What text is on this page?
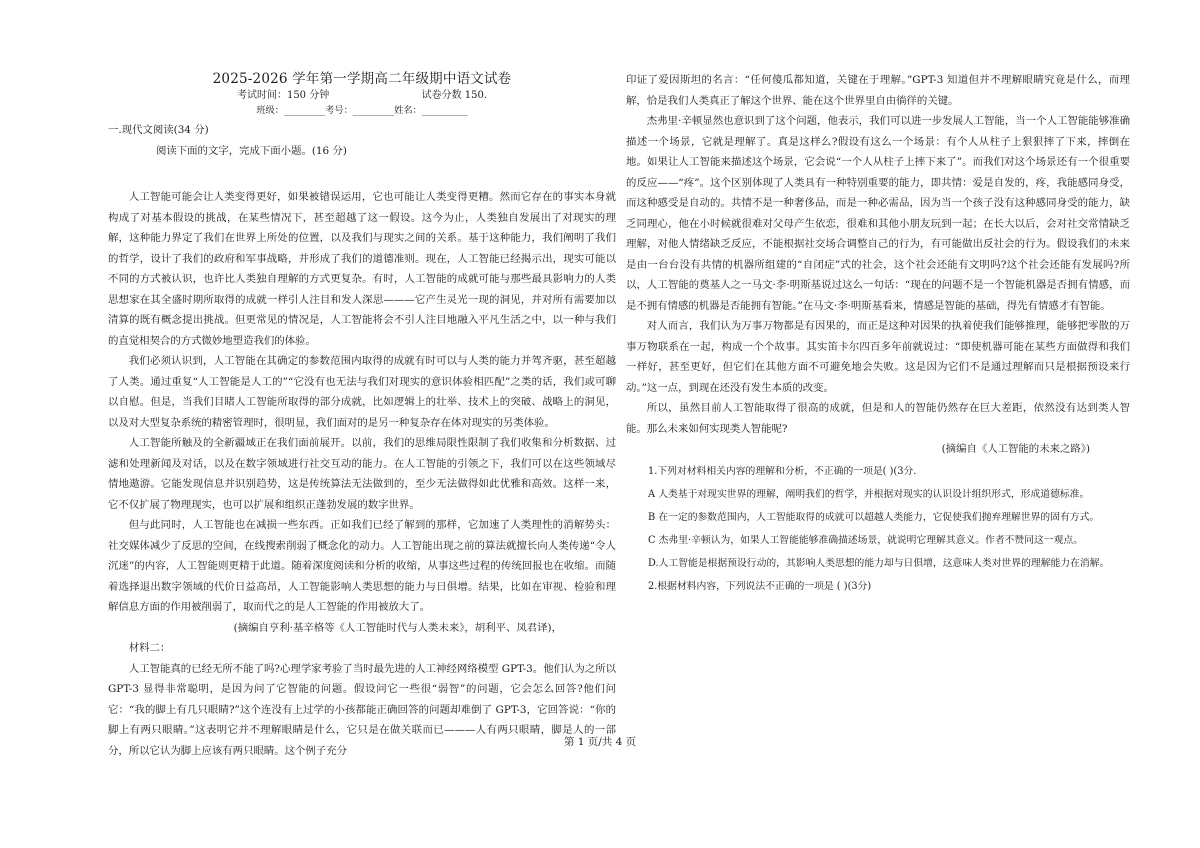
2025-2026 学年第一学期高二年级期中语文试卷
考试时间：150 分钟	试卷分数 150.
班级：_________考号：_________姓名：__________
一.现代文阅读(34 分)
阅读下面的文字，完成下面小题。(16 分)

人工智能可能会让人类变得更好，如果被错误运用，它也可能让人类变得更糟。然而它存在的事实本身就构成了对基本假设的挑战，在某些情况下，甚至超越了这一假设。这今为止，人类独自发展出了对现实的理解，这种能力界定了我们在世界上所处的位置，以及我们与现实之间的关系。基于这种能力，我们阐明了我们的哲学，设计了我们的政府和军事战略，并形成了我们的道德准则。现在，人工智能已经揭示出，现实可能以不同的方式被认识，也许比人类独自理解的方式更复杂。有时，人工智能的成就可能与那些最具影响力的人类思想家在其全盛时期所取得的成就一样引人注目和发人深思———它产生灵光一现的洞见，并对所有需要加以清算的既有概念提出挑战。但更常见的情况是，人工智能将会不引人注目地融入平凡生活之中，以一种与我们的直觉相契合的方式微妙地塑造我们的体验。

我们必须认识到，人工智能在其确定的参数范围内取得的成就有时可以与人类的能力并驾齐驱，甚至超越了人类。通过重复“人工智能是人工的”“它没有也无法与我们对现实的意识体验相匹配”之类的话，我们或可聊以自慰。但是，当我们目睹人工智能所取得的部分成就，比如逻辑上的壮举、技术上的突破、战略上的洞见，以及对大型复杂系统的精密管理时，很明显，我们面对的是另一种复杂存在体对现实的另类体验。

人工智能所触及的全新疆域正在我们面前展开。以前，我们的思维局限性限制了我们收集和分析数据、过滤和处理新闻及对话，以及在数字领域进行社交互动的能力。在人工智能的引领之下，我们可以在这些领域尽情地遨游。它能发现信息并识别趋势，这是传统算法无法做到的，至少无法做得如此优雅和高效。这样一来，它不仅扩展了物理现实，也可以扩展和组织正蓬勃发展的数字世界。

但与此同时，人工智能也在减损一些东西。正如我们已经了解到的那样，它加速了人类理性的消解势头：社交媒体减少了反思的空间，在线搜索削弱了概念化的动力。人工智能出现之前的算法就擅长向人类传递“令人沉迷”的内容，人工智能则更精于此道。随着深度阅读和分析的收缩，从事这些过程的传统回报也在收缩。而随着选择退出数字领域的代价日益高昂，人工智能影响人类思想的能力与日俱增。结果，比如在审视、检验和理解信息方面的作用被削弱了，取而代之的是人工智能的作用被放大了。

(摘编自亨利·基辛格等《人工智能时代与人类未来》，胡利平、凤君译)，

材料二：

人工智能真的已经无所不能了吗?心理学家考验了当时最先进的人工神经网络模型 GPT-3。他们认为之所以 GPT-3 显得非常聪明，是因为问了它智能的问题。假设问它一些很“弱智”的问题，它会怎么回答?他们问它：“我的脚上有几只眼睛?”这个连没有上过学的小孩都能正确回答的问题却难倒了 GPT-3，它回答说：“你的脚上有两只眼睛。”这表明它并不理解眼睛是什么，它只是在做关联而已———人有两只眼睛，脚是人的一部分，所以它认为脚上应该有两只眼睛。这个例子充分

印证了爱因斯坦的名言：“任何傻瓜都知道，关键在于理解。”GPT-3 知道但并不理解眼睛究竟是什么，而理解，恰是我们人类真正了解这个世界、能在这个世界里自由徜徉的关键。

杰弗里·辛顿显然也意识到了这个问题，他表示，我们可以进一步发展人工智能，当一个人工智能能够准确描述一个场景，它就是理解了。真是这样么?假设有这么一个场景：有个人从柱子上狠狠摔了下来，摔倒在地。如果让人工智能来描述这个场景，它会说“一个人从柱子上摔下来了”。而我们对这个场景还有一个很重要的反应——“疼”。这个区别体现了人类具有一种特别重要的能力，即共情：爱是自发的，疼，我能感同身受，而这种感受是自动的。共情不是一种奢侈品，而是一种必需品，因为当一个孩子没有这种感同身受的能力，缺乏同理心，他在小时候就很难对父母产生依恋，很难和其他小朋友玩到一起；在长大以后，会对社交常情缺乏理解，对他人情绪缺乏反应，不能根据社交场合调整自己的行为，有可能做出反社会的行为。假设我们的未来是由一台台没有共情的机器所组建的“自闭症”式的社会，这个社会还能有文明吗?这个社会还能有发展吗?所以，人工智能的奠基人之一马文·李·明斯基说过这么一句话：“现在的问题不是一个智能机器是否拥有情感，而是不拥有情感的机器是否能拥有智能。”在马文·李·明斯基看来，情感是智能的基础，得先有情感才有智能。

对人而言，我们认为万事万物都是有因果的，而正是这种对因果的执着使我们能够推理，能够把零散的万事万物联系在一起，构成一个个故事。其实笛卡尔四百多年前就说过：“即使机器可能在某些方面做得和我们一样好，甚至更好，但它们在其他方面不可避免地会失败。这是因为它们不是通过理解而只是根据预设来行动。”这一点，到现在还没有发生本质的改变。

所以，虽然目前人工智能取得了很高的成就，但是和人的智能仍然存在巨大差距，依然没有达到类人智能。那么未来如何实现类人智能呢?

(摘编自《人工智能的未来之路》)

1.下列对材料相关内容的理解和分析，不正确的一项是( )(3分.
A 人类基于对现实世界的理解，阐明我们的哲学，并根据对现实的认识设计组织形式，形成道德标准。
B 在一定的参数范围内，人工智能取得的成就可以超越人类能力，它促使我们抛弃理解世界的固有方式。
C 杰弗里·辛顿认为，如果人工智能能够准确描述场景，就说明它理解其意义。作者不赞同这一观点。
D.人工智能是根据预设行动的，其影响人类思想的能力却与日俱增，这意味人类对世界的理解能力在消解。
2.根据材料内容，下列说法不正确的一项是 ( )(3分)
第 1 页/共 4 页
